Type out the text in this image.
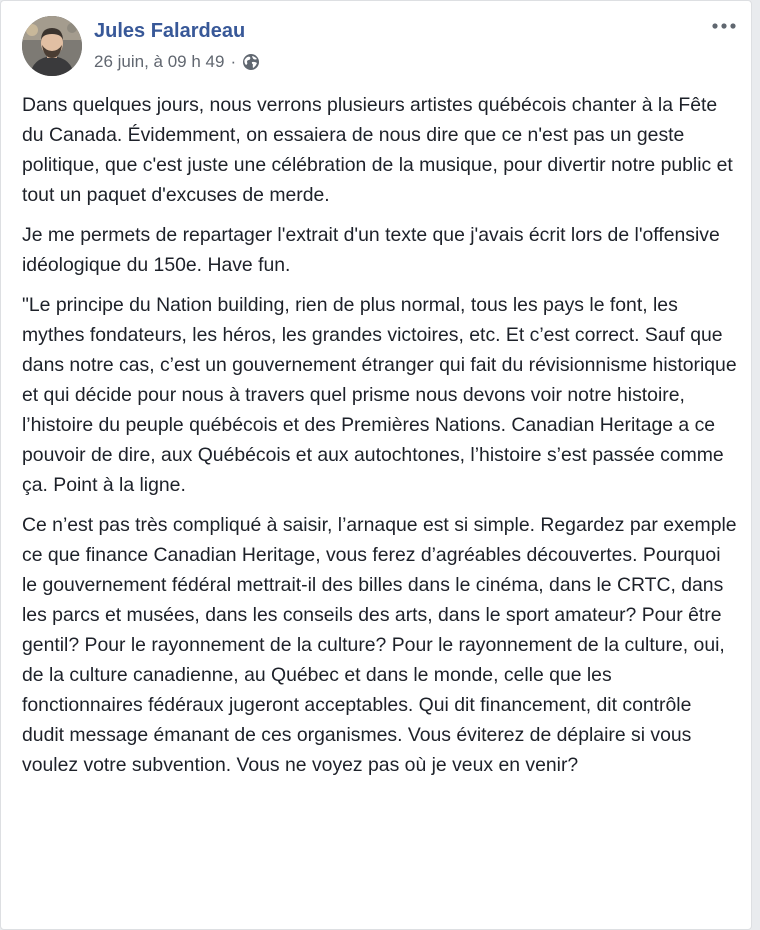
Jules Falardeau
26 juin, à 09 h 49 ·

Dans quelques jours, nous verrons plusieurs artistes québécois chanter à la Fête du Canada. Évidemment, on essaiera de nous dire que ce n'est pas un geste politique, que c'est juste une célébration de la musique, pour divertir notre public et tout un paquet d'excuses de merde.

Je me permets de repartager l'extrait d'un texte que j'avais écrit lors de l'offensive idéologique du 150e. Have fun.

"Le principe du Nation building, rien de plus normal, tous les pays le font, les mythes fondateurs, les héros, les grandes victoires, etc. Et c’est correct. Sauf que dans notre cas, c’est un gouvernement étranger qui fait du révisionnisme historique et qui décide pour nous à travers quel prisme nous devons voir notre histoire, l’histoire du peuple québécois et des Premières Nations. Canadian Heritage a ce pouvoir de dire, aux Québécois et aux autochtones, l’histoire s’est passée comme ça. Point à la ligne.

Ce n’est pas très compliqué à saisir, l’arnaque est si simple. Regardez par exemple ce que finance Canadian Heritage, vous ferez d’agréables découvertes. Pourquoi le gouvernement fédéral mettrait-il des billes dans le cinéma, dans le CRTC, dans les parcs et musées, dans les conseils des arts, dans le sport amateur? Pour être gentil? Pour le rayonnement de la culture? Pour le rayonnement de la culture, oui, de la culture canadienne, au Québec et dans le monde, celle que les fonctionnaires fédéraux jugeront acceptables. Qui dit financement, dit contrôle dudit message émanant de ces organismes. Vous éviterez de déplaire si vous voulez votre subvention. Vous ne voyez pas où je veux en venir?
